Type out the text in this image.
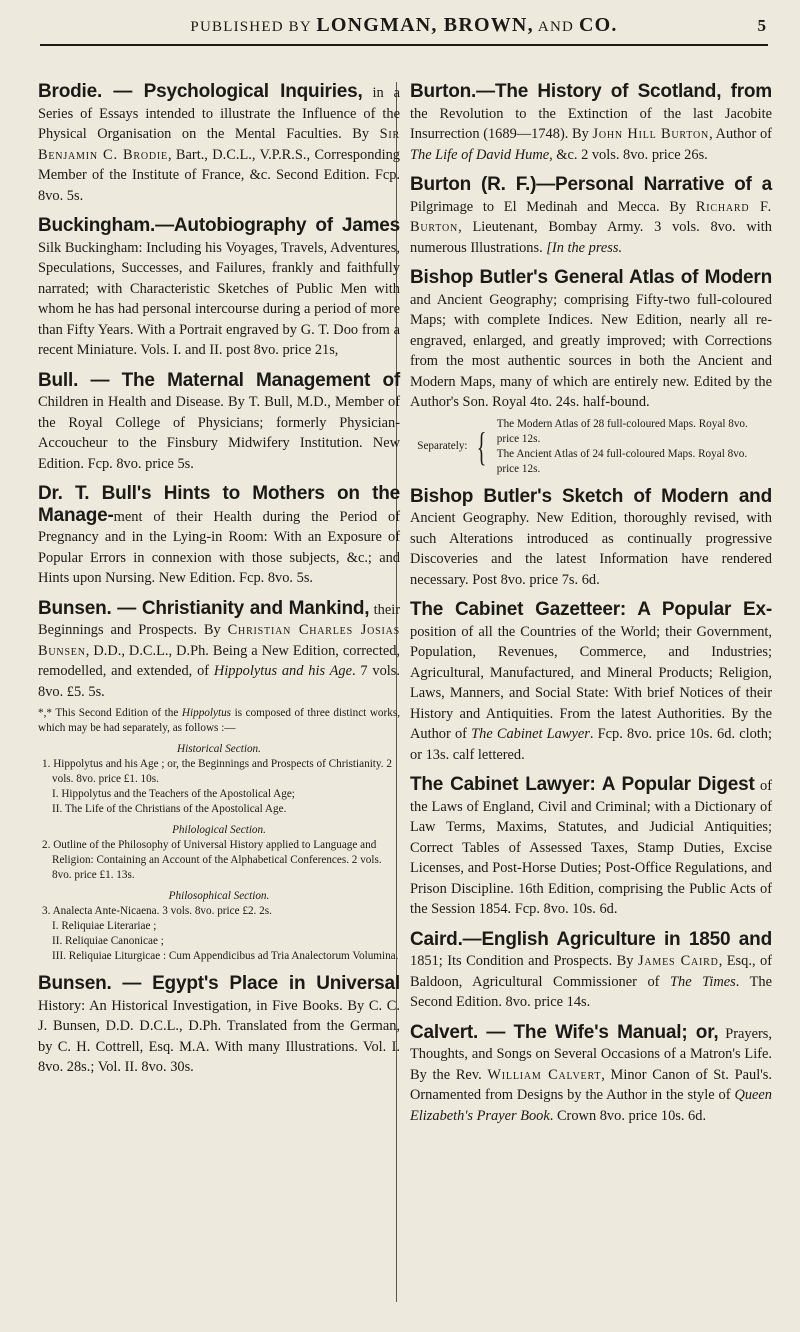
PUBLISHED BY LONGMAN, BROWN, AND CO.	5

Brodie. — Psychological Inquiries, in a Series of Essays intended to illustrate the Influence of the Physical Organisation on the Mental Faculties. By Sir Benjamin C. Brodie, Bart., D.C.L., V.P.R.S., Corresponding Member of the Institute of France, &c. Second Edition. Fcp. 8vo. 5s.

Buckingham.—Autobiography of James Silk Buckingham: Including his Voyages, Travels, Adventures, Speculations, Successes, and Failures, frankly and faithfully narrated; with Characteristic Sketches of Public Men with whom he has had personal intercourse during a period of more than Fifty Years. With a Portrait engraved by G. T. Doo from a recent Miniature. Vols. I. and II. post 8vo. price 21s,

Bull. — The Maternal Management of Children in Health and Disease. By T. Bull, M.D., Member of the Royal College of Physicians; formerly Physician-Accoucheur to the Finsbury Midwifery Institution. New Edition. Fcp. 8vo. price 5s.

Dr. T. Bull's Hints to Mothers on the Manage-ment of their Health during the Period of Pregnancy and in the Lying-in Room: With an Exposure of Popular Errors in connexion with those subjects, &c.; and Hints upon Nursing. New Edition. Fcp. 8vo. 5s.

Bunsen. — Christianity and Mankind, their Beginnings and Prospects. By Christian Charles Josias Bunsen, D.D., D.C.L., D.Ph. Being a New Edition, corrected, remodelled, and extended, of Hippolytus and his Age. 7 vols. 8vo. £5. 5s.

*,* This Second Edition of the Hippolytus is composed of three distinct works, which may be had separately, as follows :—
Historical Section.
1. Hippolytus and his Age ; or, the Beginnings and Prospects of Christianity. 2 vols. 8vo. price £1. 10s.
I. Hippolytus and the Teachers of the Apostolical Age;
II. The Life of the Christians of the Apostolical Age.
Philological Section.
2. Outline of the Philosophy of Universal History applied to Language and Religion: Containing an Account of the Alphabetical Conferences. 2 vols. 8vo. price £1. 13s.
Philosophical Section.
3. Analecta Ante-Nicaena. 3 vols. 8vo. price £2. 2s.
I. Reliquiae Literariae ;
II. Reliquiae Canonicae ;
III. Reliquiae Liturgicae : Cum Appendicibus ad Tria Analectorum Volumina.

Bunsen. — Egypt's Place in Universal History: An Historical Investigation, in Five Books. By C. C. J. Bunsen, D.D. D.C.L., D.Ph. Translated from the German, by C. H. Cottrell, Esq. M.A. With many Illustrations. Vol. I. 8vo. 28s.; Vol. II. 8vo. 30s.

Burton.—The History of Scotland, from the Revolution to the Extinction of the last Jacobite Insurrection (1689—1748). By John Hill Burton, Author of The Life of David Hume, &c. 2 vols. 8vo. price 26s.

Burton (R. F.)—Personal Narrative of a Pilgrimage to El Medinah and Mecca. By Richard F. Burton, Lieutenant, Bombay Army. 3 vols. 8vo. with numerous Illustrations. [In the press.

Bishop Butler's General Atlas of Modern and Ancient Geography; comprising Fifty-two full-coloured Maps; with complete Indices. New Edition, nearly all re-engraved, enlarged, and greatly improved; with Corrections from the most authentic sources in both the Ancient and Modern Maps, many of which are entirely new. Edited by the Author's Son. Royal 4to. 24s. half-bound.

Separately: { The Modern Atlas of 28 full-coloured Maps. Royal 8vo. price 12s.
The Ancient Atlas of 24 full-coloured Maps. Royal 8vo. price 12s.

Bishop Butler's Sketch of Modern and Ancient Geography. New Edition, thoroughly revised, with such Alterations introduced as continually progressive Discoveries and the latest Information have rendered necessary. Post 8vo. price 7s. 6d.

The Cabinet Gazetteer: A Popular Ex-position of all the Countries of the World; their Government, Population, Revenues, Commerce, and Industries; Agricultural, Manufactured, and Mineral Products; Religion, Laws, Manners, and Social State: With brief Notices of their History and Antiquities. From the latest Authorities. By the Author of The Cabinet Lawyer. Fcp. 8vo. price 10s. 6d. cloth; or 13s. calf lettered.

The Cabinet Lawyer: A Popular Digest of the Laws of England, Civil and Criminal; with a Dictionary of Law Terms, Maxims, Statutes, and Judicial Antiquities; Correct Tables of Assessed Taxes, Stamp Duties, Excise Licenses, and Post-Horse Duties; Post-Office Regulations, and Prison Discipline. 16th Edition, comprising the Public Acts of the Session 1854. Fcp. 8vo. 10s. 6d.

Caird.—English Agriculture in 1850 and 1851; Its Condition and Prospects. By James Caird, Esq., of Baldoon, Agricultural Commissioner of The Times. The Second Edition. 8vo. price 14s.

Calvert. — The Wife's Manual; or, Prayers, Thoughts, and Songs on Several Occasions of a Matron's Life. By the Rev. William Calvert, Minor Canon of St. Paul's. Ornamented from Designs by the Author in the style of Queen Elizabeth's Prayer Book. Crown 8vo. price 10s. 6d.
